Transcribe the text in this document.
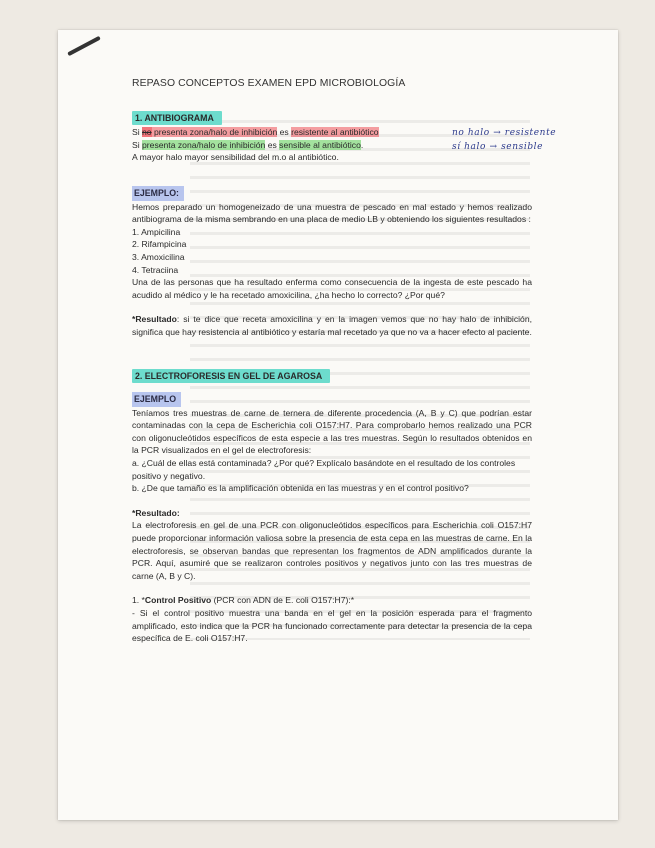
REPASO CONCEPTOS EXAMEN EPD MICROBIOLOGÍA
1. ANTIBIOGRAMA
Si no presenta zona/halo de inhibición es resistente al antibiótico
Si presenta zona/halo de inhibición es sensible al antibiótico.
A mayor halo mayor sensibilidad del m.o al antibiótico.
EJEMPLO:

Hemos preparado un homogeneizado de una muestra de pescado en mal estado y hemos realizado antibiograma de la misma sembrando en una placa de medio LB y obteniendo los siguientes resultados :

1. Ampicilina
2. Rifampicina
3. Amoxicilina
4. Tetraciina

Una de las personas que ha resultado enferma como consecuencia de la ingesta de este pescado ha acudido al médico y le ha recetado amoxicilina, ¿ha hecho lo correcto? ¿Por qué?

*Resultado: si te dice que receta amoxicilina y en la imagen vemos que no hay halo de inhibición, significa que hay resistencia al antibiótico y estaría mal recetado ya que no va a hacer efecto al paciente.

2. ELECTROFORESIS EN GEL DE AGAROSA
EJEMPLO

Teníamos tres muestras de carne de ternera de diferente procedencia (A, B y C) que podrían estar contaminadas con la cepa de Escherichia coli O157:H7. Para comprobarlo hemos realizado una PCR con oligonucleótidos específicos de esta especie a las tres muestras. Según lo resultados obtenidos en la PCR visualizados en el gel de electroforesis:

a. ¿Cuál de ellas está contaminada? ¿Por qué? Explícalo basándote en el resultado de los controles positivo y negativo.

b. ¿De que tamaño es la amplificación obtenida en las muestras y en el control positivo?

*Resultado:

La electroforesis en gel de una PCR con oligonucleótidos específicos para Escherichia coli O157:H7 puede proporcionar información valiosa sobre la presencia de esta cepa en las muestras de carne. En la electroforesis, se observan bandas que representan los fragmentos de ADN amplificados durante la PCR. Aquí, asumiré que se realizaron controles positivos y negativos junto con las tres muestras de carne (A, B y C).

1. *Control Positivo (PCR con ADN de E. coli O157:H7):*

- Si el control positivo muestra una banda en el gel en la posición esperada para el fragmento amplificado, esto indica que la PCR ha funcionado correctamente para detectar la presencia de la cepa específica de E. coli O157:H7.

no halo → resistente
sí halo → sensible
